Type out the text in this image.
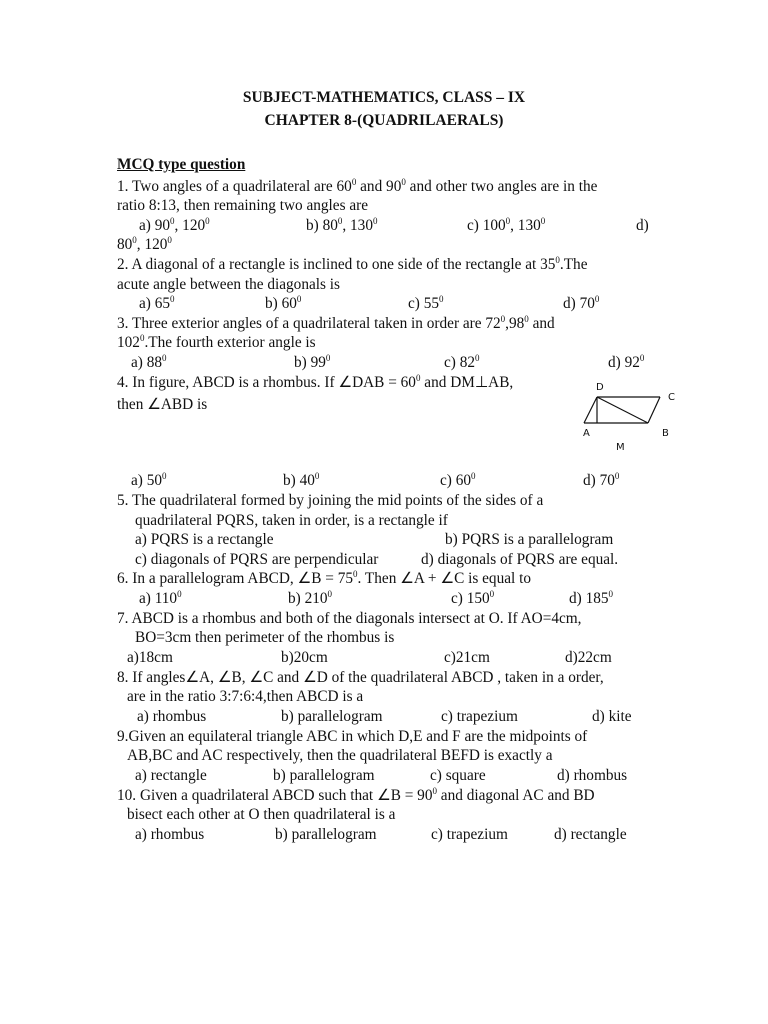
SUBJECT-MATHEMATICS, CLASS – IX
CHAPTER 8-(QUADRILAERALS)
MCQ type question
1. Two angles of a quadrilateral are $60^0$ and $90^0$ and other two angles are in the
ratio 8:13, then remaining two angles are
a) $90^0$, $120^0$	b) $80^0$, $130^0$	c) $100^0$, $130^0$	d)
$80^0$, $120^0$
2. A diagonal of a rectangle is inclined to one side of the rectangle at $35^0.The$
acute angle between the diagonals is
a) $65^0$	b) $60^0$	c) $55^0$	d) $70^0$
3. Three exterior angles of a quadrilateral taken in order are $72^0,98^0$ and
$102^0.The$ fourth exterior angle is
a) $88^0$	b) $99^0$	c) $82^0$	d) $92^0$
4. In figure, ABCD is a rhombus. If ∠DAB = $60^0$ and DM⊥AB,
then ∠ABD is
D
C
A	B
M
a) $50^0$	b) $40^0$	c) $60^0$	d) $70^0$
5. The quadrilateral formed by joining the mid points of the sides of a
quadrilateral PQRS, taken in order, is a rectangle if
a) PQRS is a rectangle	b) PQRS is a parallelogram
c) diagonals of PQRS are perpendicular	d) diagonals of PQRS are equal.
6. In a parallelogram ABCD, ∠B = $75^0$. Then ∠A + ∠C is equal to
a) $110^0$	b) $210^0$	c) $150^0$	d) $185^0$
7. ABCD is a rhombus and both of the diagonals intersect at O. If AO=4cm,
BO=3cm then perimeter of the rhombus is
a)18cm	b)20cm	c)21cm	d)22cm
8. If angles∠A, ∠B, ∠C and ∠D of the quadrilateral ABCD , taken in a order,
are in the ratio 3:7:6:4,then ABCD is a
a) rhombus	b) parallelogram	c) trapezium	d) kite
9.Given an equilateral triangle ABC in which D,E and F are the midpoints of
AB,BC and AC respectively, then the quadrilateral BEFD is exactly a
a) rectangle	b) parallelogram	c) square	d) rhombus
10. Given a quadrilateral ABCD such that ∠B = $90^0$ and diagonal AC and BD
bisect each other at O then quadrilateral is a
a) rhombus	b) parallelogram	c) trapezium	d) rectangle
